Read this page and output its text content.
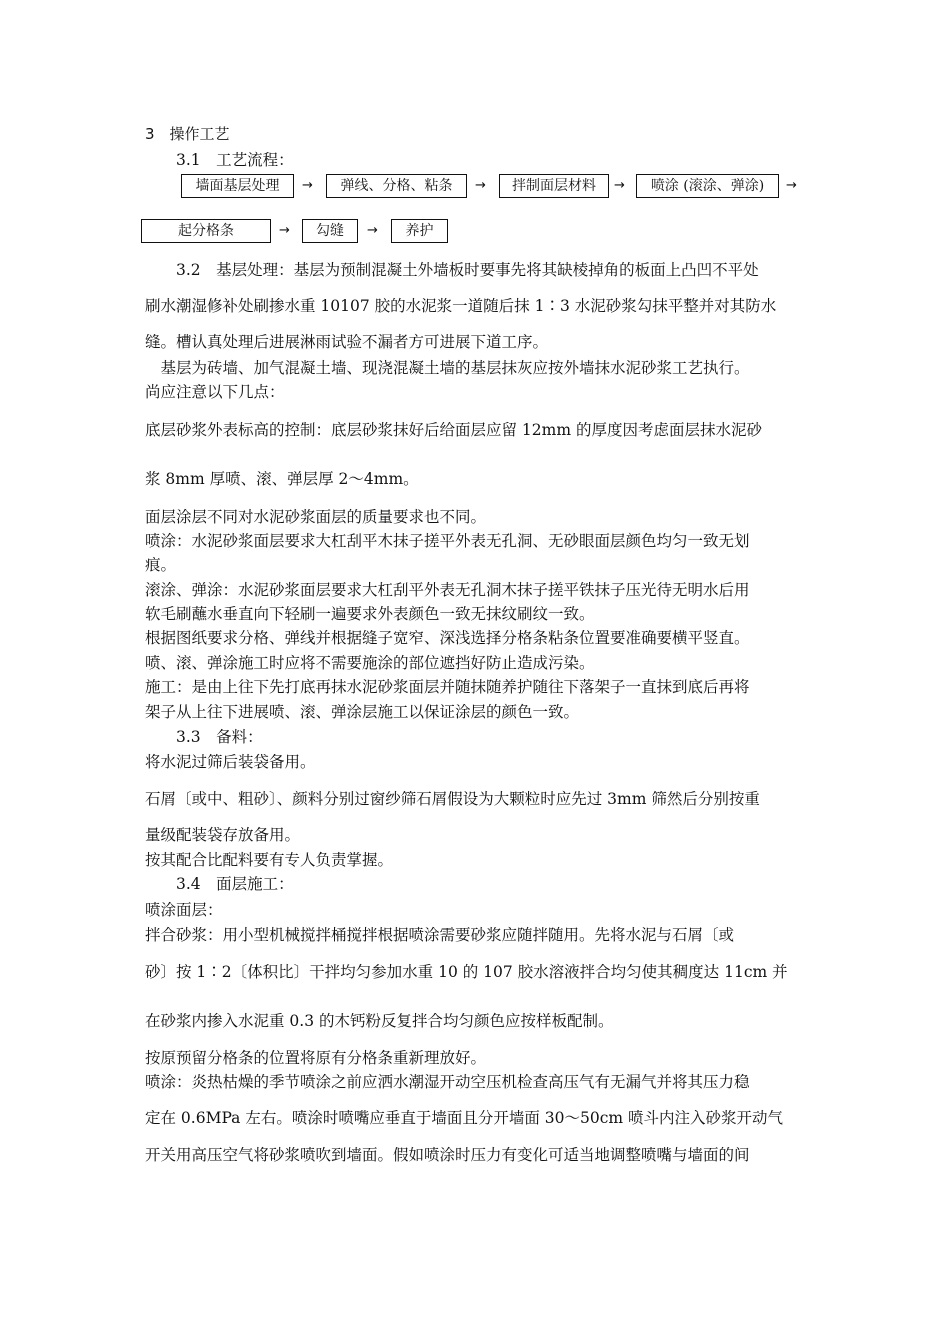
3　操作工艺
3.1　工艺流程：
墙面基层处理	→	弹线、分格、粘条	→	拌制面层材料	→	喷涂 (滚涂、弹涂)	→
起分格条	→	勾缝	→	养护
　　3.2　基层处理：基层为预制混凝土外墙板时要事先将其缺棱掉角的板面上凸凹不平处
刷水潮湿修补处刷掺水重 10107 胶的水泥浆一道随后抹 1∶3 水泥砂浆勾抹平整并对其防水
缝。槽认真处理后进展淋雨试验不漏者方可进展下道工序。
　基层为砖墙、加气混凝土墙、现浇混凝土墙的基层抹灰应按外墙抹水泥砂浆工艺执行。
尚应注意以下几点：
底层砂浆外表标高的控制：底层砂浆抹好后给面层应留 12mm 的厚度因考虑面层抹水泥砂
浆 8mm 厚喷、滚、弹层厚 2～4mm。
面层涂层不同对水泥砂浆面层的质量要求也不同。
喷涂：水泥砂浆面层要求大杠刮平木抹子搓平外表无孔洞、无砂眼面层颜色均匀一致无划
痕。
滚涂、弹涂：水泥砂浆面层要求大杠刮平外表无孔洞木抹子搓平铁抹子压光待无明水后用
软毛刷蘸水垂直向下轻刷一遍要求外表颜色一致无抹纹刷纹一致。
根据图纸要求分格、弹线并根据缝子宽窄、深浅选择分格条粘条位置要准确要横平竖直。
喷、滚、弹涂施工时应将不需要施涂的部位遮挡好防止造成污染。
施工：是由上往下先打底再抹水泥砂浆面层并随抹随养护随往下落架子一直抹到底后再将
架子从上往下进展喷、滚、弹涂层施工以保证涂层的颜色一致。
　　3.3　备料：
将水泥过筛后装袋备用。
石屑〔或中、粗砂〕、颜料分别过窗纱筛石屑假设为大颗粒时应先过 3mm 筛然后分别按重
量级配装袋存放备用。
按其配合比配料要有专人负责掌握。
　　3.4　面层施工：
喷涂面层：
拌合砂浆：用小型机械搅拌桶搅拌根据喷涂需要砂浆应随拌随用。先将水泥与石屑〔或
砂〕按 1∶2〔体积比〕干拌均匀参加水重 10 的 107 胶水溶液拌合均匀使其稠度达 11cm 并
在砂浆内掺入水泥重 0.3 的木钙粉反复拌合均匀颜色应按样板配制。
按原预留分格条的位置将原有分格条重新理放好。
喷涂：炎热枯燥的季节喷涂之前应洒水潮湿开动空压机检查高压气有无漏气并将其压力稳
定在 0.6MPa 左右。喷涂时喷嘴应垂直于墙面且分开墙面 30～50cm 喷斗内注入砂浆开动气
开关用高压空气将砂浆喷吹到墙面。假如喷涂时压力有变化可适当地调整喷嘴与墙面的间
